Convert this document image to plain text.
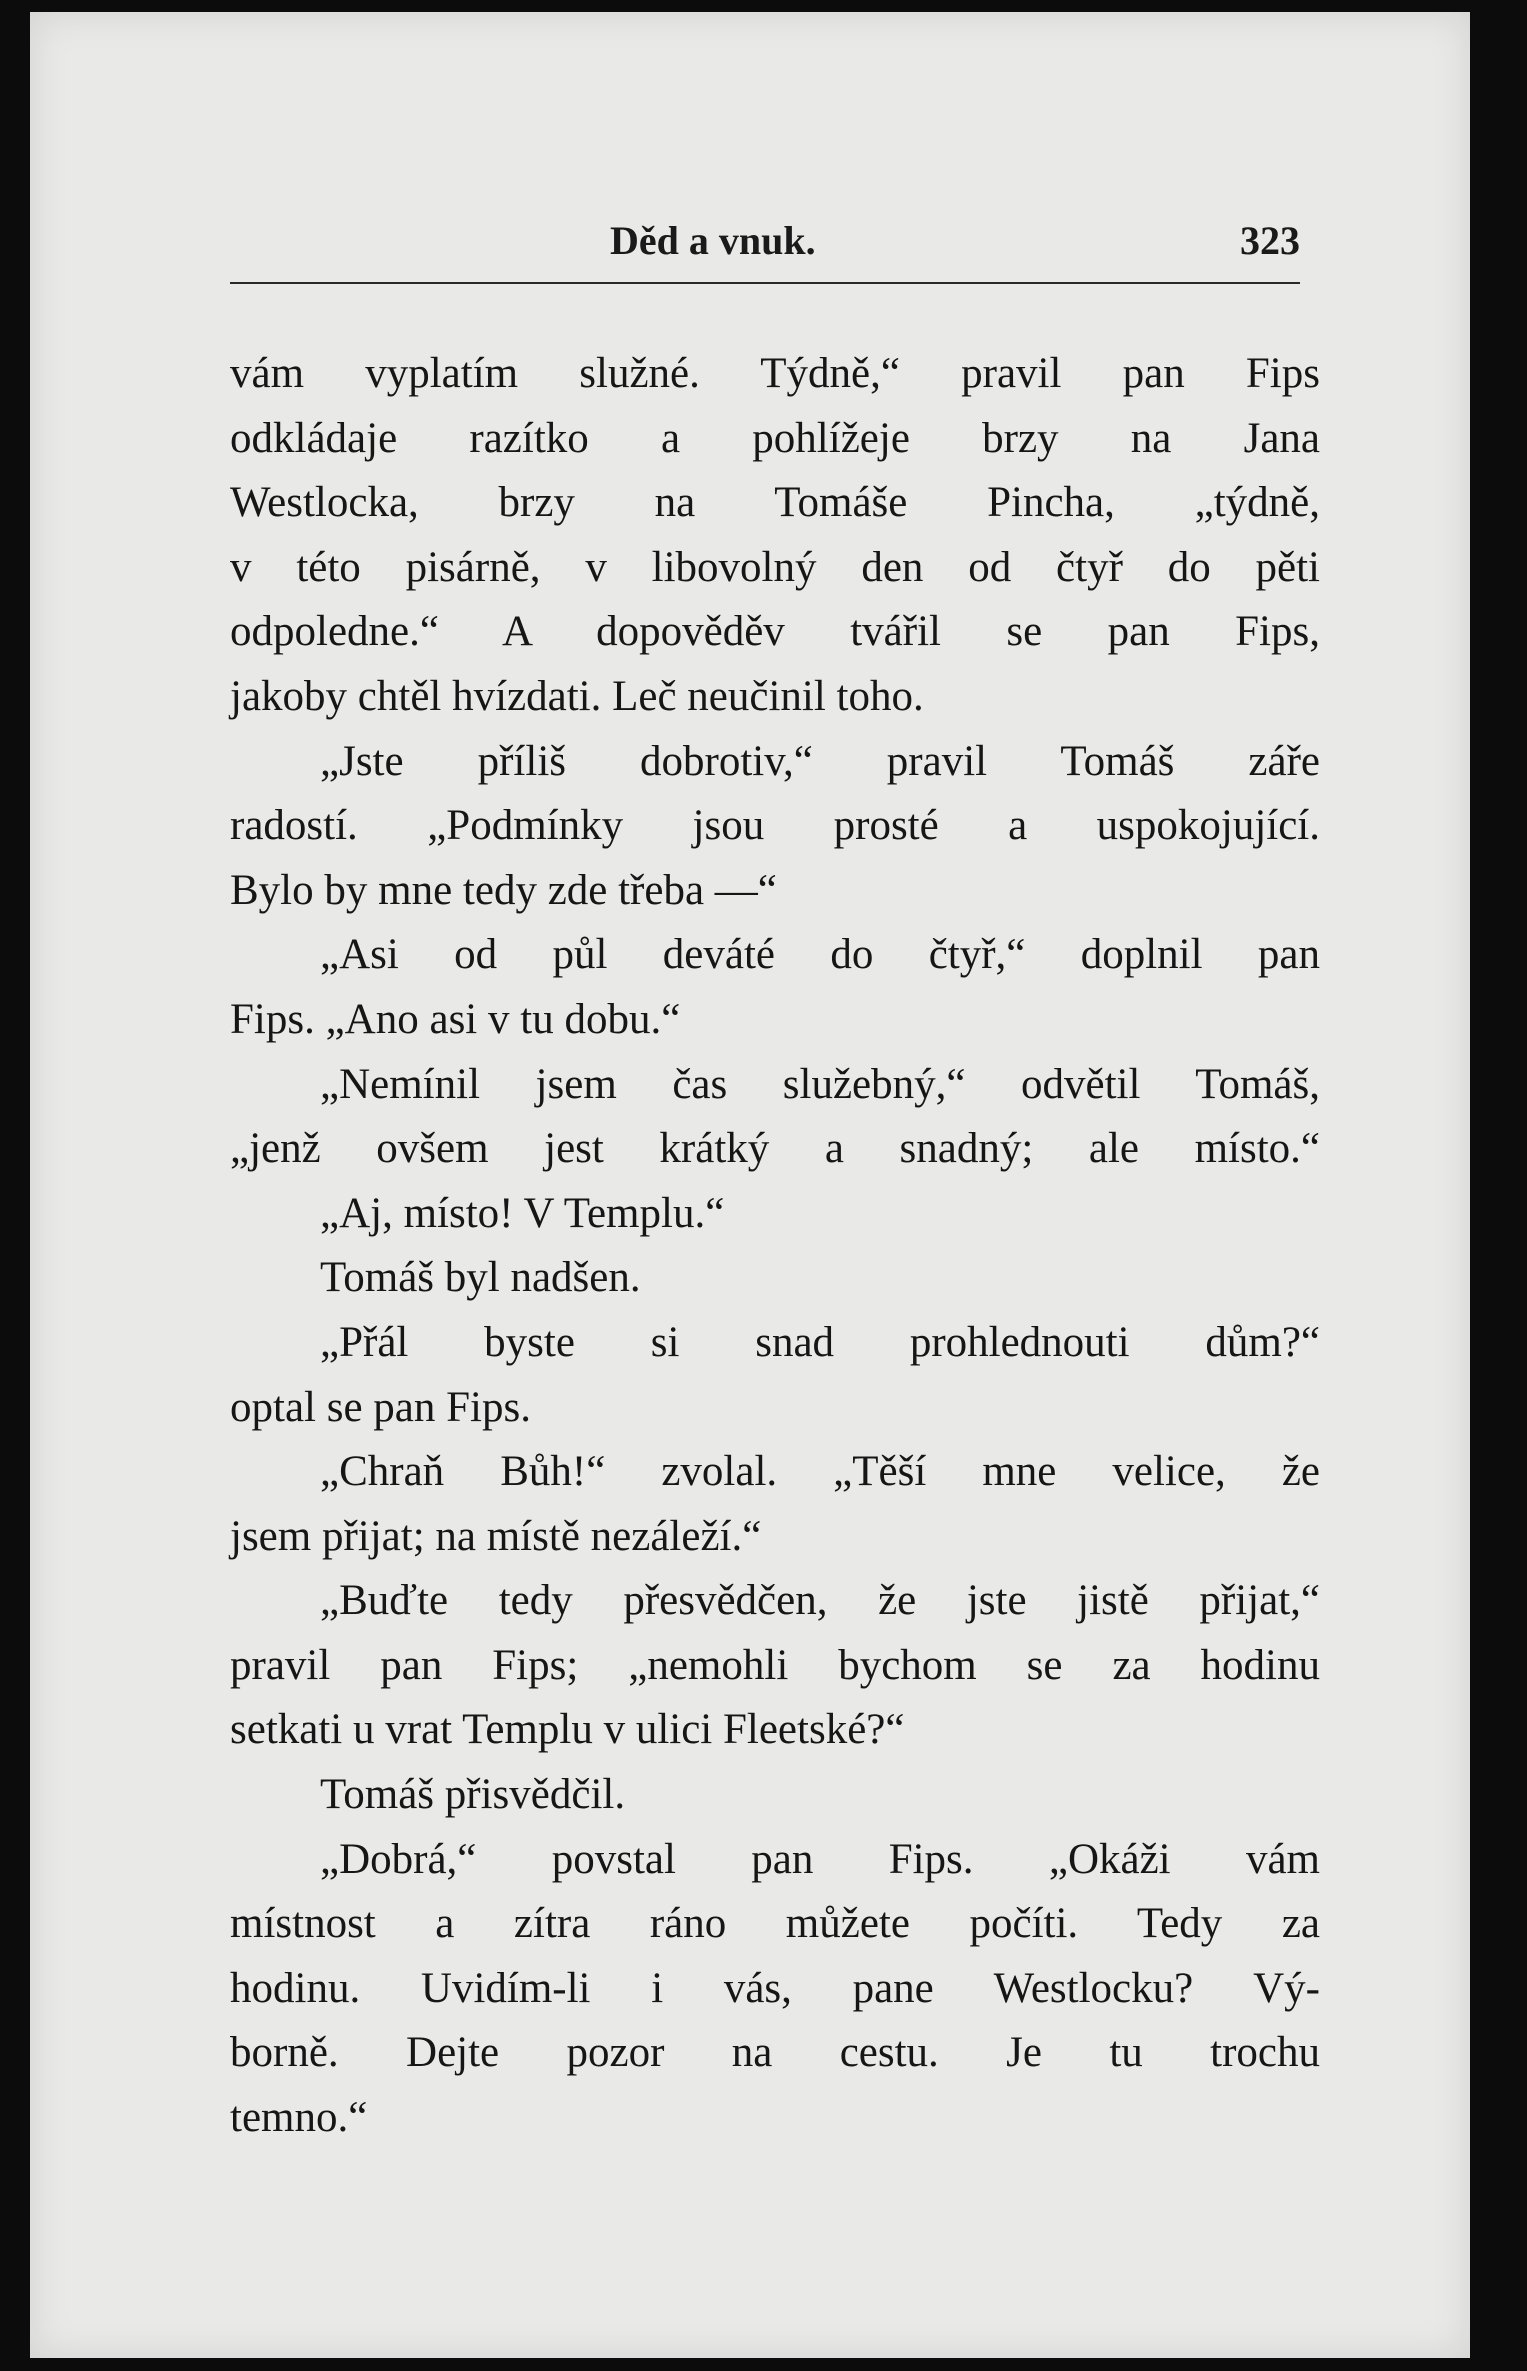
Děd a vnuk.	323
vám vyplatím služné. Týdně,“ pravil pan Fips
odkládaje razítko a pohlížeje brzy na Jana
Westlocka, brzy na Tomáše Pincha, „týdně,
v této pisárně, v libovolný den od čtyř do pěti
odpoledne.“ A dopověděv tvářil se pan Fips,
jakoby chtěl hvízdati. Leč neučinil toho.
„Jste příliš dobrotiv,“ pravil Tomáš záře
radostí. „Podmínky jsou prosté a uspokojující.
Bylo by mne tedy zde třeba —“
„Asi od půl deváté do čtyř,“ doplnil pan
Fips. „Ano asi v tu dobu.“
„Nemínil jsem čas služebný,“ odvětil Tomáš,
„jenž ovšem jest krátký a snadný; ale místo.“
„Aj, místo! V Templu.“
Tomáš byl nadšen.
„Přál byste si snad prohlednouti dům?“
optal se pan Fips.
„Chraň Bůh!“ zvolal. „Těší mne velice, že
jsem přijat; na místě nezáleží.“
„Buďte tedy přesvědčen, že jste jistě přijat,“
pravil pan Fips; „nemohli bychom se za hodinu
setkati u vrat Templu v ulici Fleetské?“
Tomáš přisvědčil.
„Dobrá,“ povstal pan Fips. „Okáži vám
místnost a zítra ráno můžete počíti. Tedy za
hodinu. Uvidím-li i vás, pane Westlocku? Vý-
borně. Dejte pozor na cestu. Je tu trochu
temno.“
